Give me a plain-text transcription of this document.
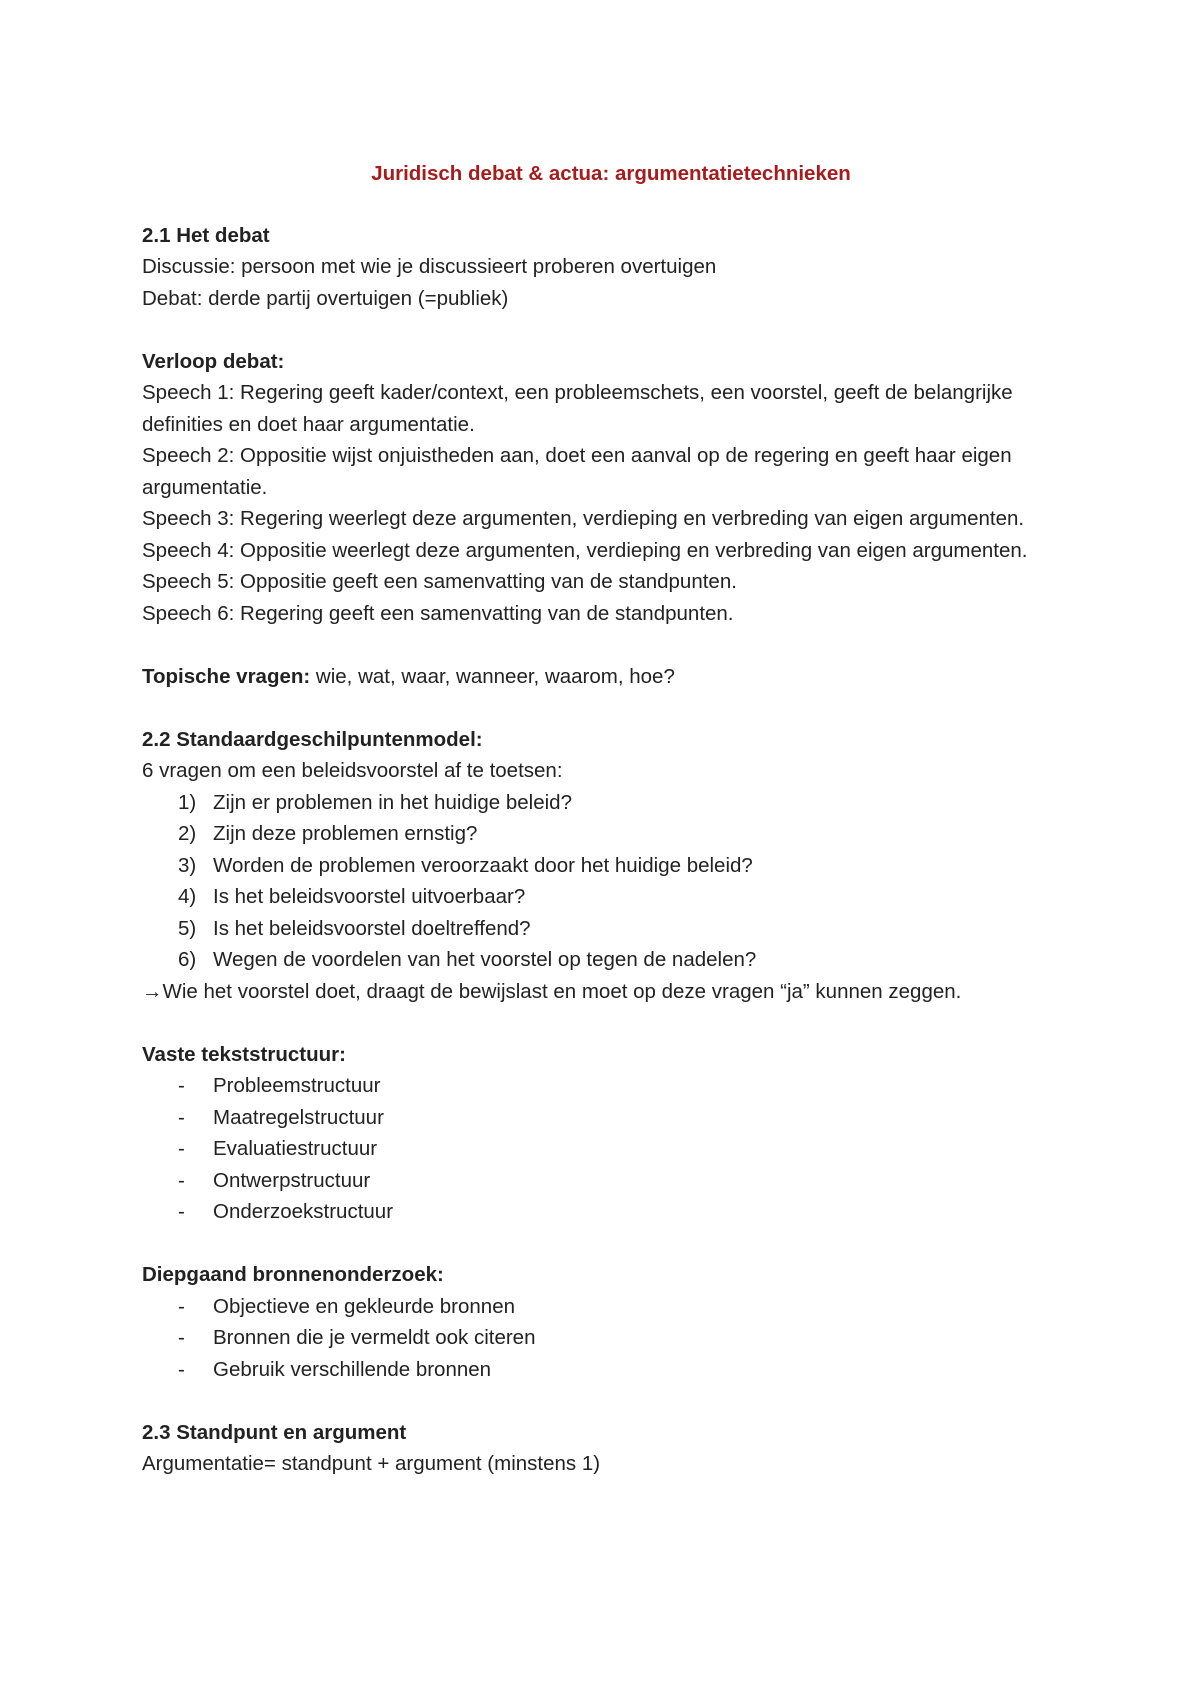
Juridisch debat & actua: argumentatietechnieken
2.1 Het debat
Discussie: persoon met wie je discussieert proberen overtuigen
Debat: derde partij overtuigen (=publiek)
Verloop debat:
Speech 1: Regering geeft kader/context, een probleemschets, een voorstel, geeft de belangrijke definities en doet haar argumentatie.
Speech 2: Oppositie wijst onjuistheden aan, doet een aanval op de regering en geeft haar eigen argumentatie.
Speech 3: Regering weerlegt deze argumenten, verdieping en verbreding van eigen argumenten.
Speech 4: Oppositie weerlegt deze argumenten, verdieping en verbreding van eigen argumenten.
Speech 5: Oppositie geeft een samenvatting van de standpunten.
Speech 6: Regering geeft een samenvatting van de standpunten.
Topische vragen: wie, wat, waar, wanneer, waarom, hoe?
2.2 Standaardgeschilpuntenmodel:
6 vragen om een beleidsvoorstel af te toetsen:
1) Zijn er problemen in het huidige beleid?
2) Zijn deze problemen ernstig?
3) Worden de problemen veroorzaakt door het huidige beleid?
4) Is het beleidsvoorstel uitvoerbaar?
5) Is het beleidsvoorstel doeltreffend?
6) Wegen de voordelen van het voorstel op tegen de nadelen?
→Wie het voorstel doet, draagt de bewijslast en moet op deze vragen “ja” kunnen zeggen.
Vaste tekststructuur:
- Probleemstructuur
- Maatregelstructuur
- Evaluatiestructuur
- Ontwerpstructuur
- Onderzoekstructuur
Diepgaand bronnenonderzoek:
- Objectieve en gekleurde bronnen
- Bronnen die je vermeldt ook citeren
- Gebruik verschillende bronnen
2.3 Standpunt en argument
Argumentatie= standpunt + argument (minstens 1)
